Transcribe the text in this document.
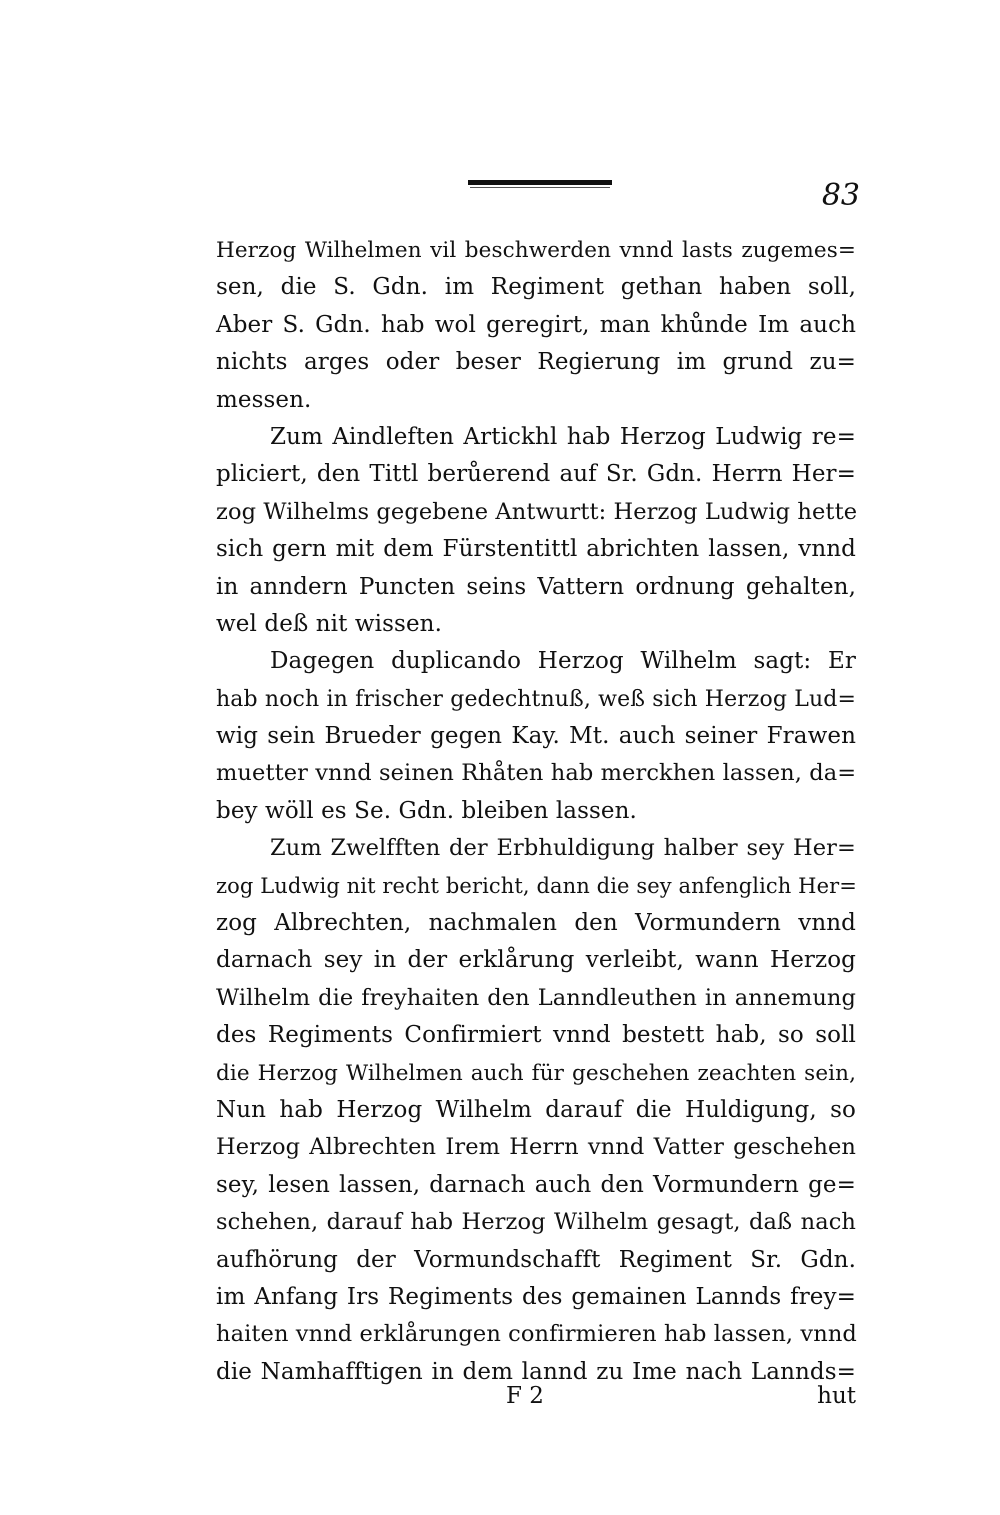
83
Herzog Wilhelmen vil beschwerden vnnd lasts zugemes=
sen, die S. Gdn. im Regiment gethan haben soll,
Aber S. Gdn. hab wol geregirt, man khůnde Im auch
nichts arges oder beser Regierung im grund zu=
messen.
Zum Aindleften Artickhl hab Herzog Ludwig re=
pliciert, den Tittl berůerend auf Sr. Gdn. Herrn Her=
zog Wilhelms gegebene Antwurtt: Herzog Ludwig hette
sich gern mit dem Fürstentittl abrichten lassen, vnnd
in anndern Puncten seins Vattern ordnung gehalten,
wel deß nit wissen.
Dagegen duplicando Herzog Wilhelm sagt: Er
hab noch in frischer gedechtnuß, weß sich Herzog Lud=
wig sein Brueder gegen Kay. Mt. auch seiner Frawen
muetter vnnd seinen Rhåten hab merckhen lassen, da=
bey wöll es Se. Gdn. bleiben lassen.
Zum Zwelfften der Erbhuldigung halber sey Her=
zog Ludwig nit recht bericht, dann die sey anfenglich Her=
zog Albrechten, nachmalen den Vormundern vnnd
darnach sey in der erklårung verleibt, wann Herzog
Wilhelm die freyhaiten den Lanndleuthen in annemung
des Regiments Confirmiert vnnd bestett hab, so soll
die Herzog Wilhelmen auch für geschehen zeachten sein,
Nun hab Herzog Wilhelm darauf die Huldigung, so
Herzog Albrechten Irem Herrn vnnd Vatter geschehen
sey, lesen lassen, darnach auch den Vormundern ge=
schehen, darauf hab Herzog Wilhelm gesagt, daß nach
aufhörung der Vormundschafft Regiment Sr. Gdn.
im Anfang Irs Regiments des gemainen Lannds frey=
haiten vnnd erklårungen confirmieren hab lassen, vnnd
die Namhafftigen in dem lannd zu Ime nach Lannds=
F 2	hut
